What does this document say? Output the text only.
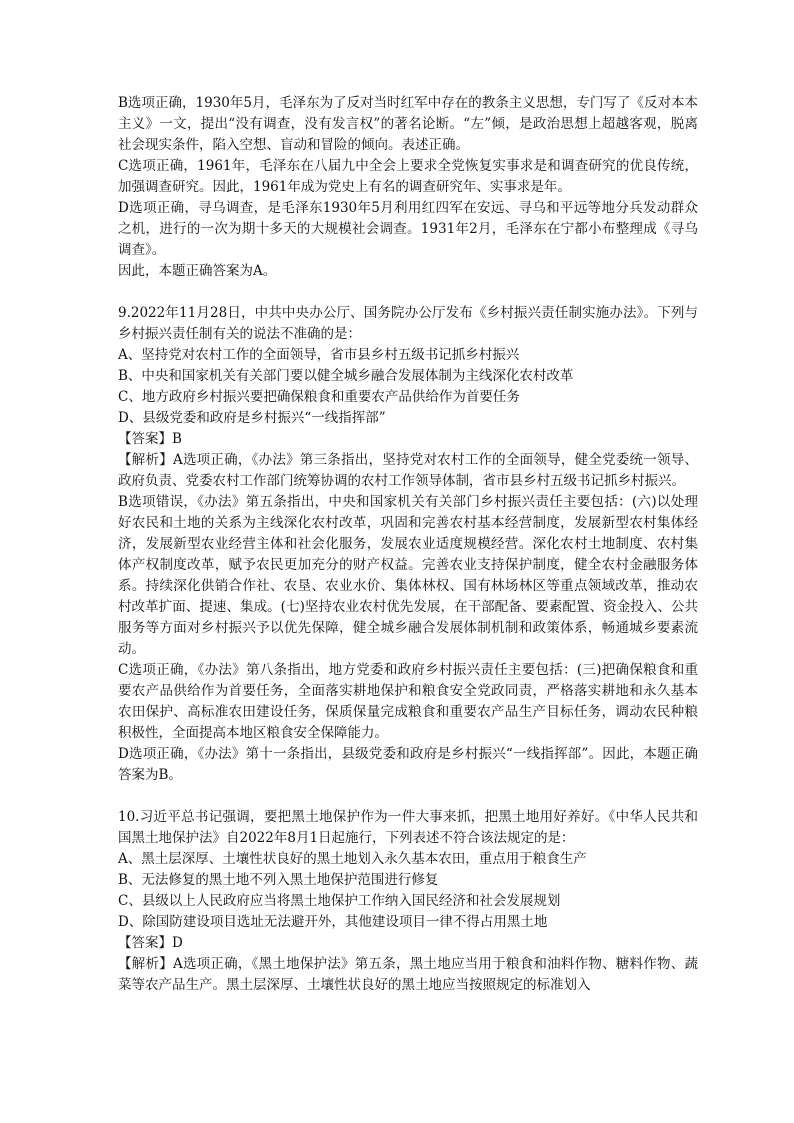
B选项正确，1930年5月，毛泽东为了反对当时红军中存在的教条主义思想，专门写了《反对本本主义》一文，提出“没有调查，没有发言权”的著名论断。“左”倾，是政治思想上超越客观，脱离社会现实条件，陷入空想、盲动和冒险的倾向。表述正确。

C选项正确，1961年，毛泽东在八届九中全会上要求全党恢复实事求是和调查研究的优良传统，加强调查研究。因此，1961年成为党史上有名的调查研究年、实事求是年。

D选项正确，寻乌调查，是毛泽东1930年5月利用红四军在安远、寻乌和平远等地分兵发动群众之机，进行的一次为期十多天的大规模社会调查。1931年2月，毛泽东在宁都小布整理成《寻乌调查》。

因此，本题正确答案为A。

9.2022年11月28日，中共中央办公厅、国务院办公厅发布《乡村振兴责任制实施办法》。下列与乡村振兴责任制有关的说法不准确的是：

A、坚持党对农村工作的全面领导，省市县乡村五级书记抓乡村振兴

B、中央和国家机关有关部门要以健全城乡融合发展体制为主线深化农村改革

C、地方政府乡村振兴要把确保粮食和重要农产品供给作为首要任务

D、县级党委和政府是乡村振兴“一线指挥部”

【答案】B

【解析】A选项正确，《办法》第三条指出，坚持党对农村工作的全面领导，健全党委统一领导、政府负责、党委农村工作部门统筹协调的农村工作领导体制，省市县乡村五级书记抓乡村振兴。

B选项错误，《办法》第五条指出，中央和国家机关有关部门乡村振兴责任主要包括：(六)以处理好农民和土地的关系为主线深化农村改革，巩固和完善农村基本经营制度，发展新型农村集体经济，发展新型农业经营主体和社会化服务，发展农业适度规模经营。深化农村土地制度、农村集体产权制度改革，赋予农民更加充分的财产权益。完善农业支持保护制度，健全农村金融服务体系。持续深化供销合作社、农垦、农业水价、集体林权、国有林场林区等重点领域改革，推动农村改革扩面、提速、集成。(七)坚持农业农村优先发展，在干部配备、要素配置、资金投入、公共服务等方面对乡村振兴予以优先保障，健全城乡融合发展体制机制和政策体系，畅通城乡要素流动。

C选项正确，《办法》第八条指出，地方党委和政府乡村振兴责任主要包括：(三)把确保粮食和重要农产品供给作为首要任务，全面落实耕地保护和粮食安全党政同责，严格落实耕地和永久基本农田保护、高标准农田建设任务，保质保量完成粮食和重要农产品生产目标任务，调动农民种粮积极性，全面提高本地区粮食安全保障能力。

D选项正确，《办法》第十一条指出，县级党委和政府是乡村振兴“一线指挥部”。因此，本题正确答案为B。

10.习近平总书记强调，要把黑土地保护作为一件大事来抓，把黑土地用好养好。《中华人民共和国黑土地保护法》自2022年8月1日起施行，下列表述不符合该法规定的是：

A、黑土层深厚、土壤性状良好的黑土地划入永久基本农田，重点用于粮食生产

B、无法修复的黑土地不列入黑土地保护范围进行修复

C、县级以上人民政府应当将黑土地保护工作纳入国民经济和社会发展规划

D、除国防建设项目选址无法避开外，其他建设项目一律不得占用黑土地

【答案】D

【解析】A选项正确，《黑土地保护法》第五条，黑土地应当用于粮食和油料作物、糖料作物、蔬菜等农产品生产。黑土层深厚、土壤性状良好的黑土地应当按照规定的标准划入
